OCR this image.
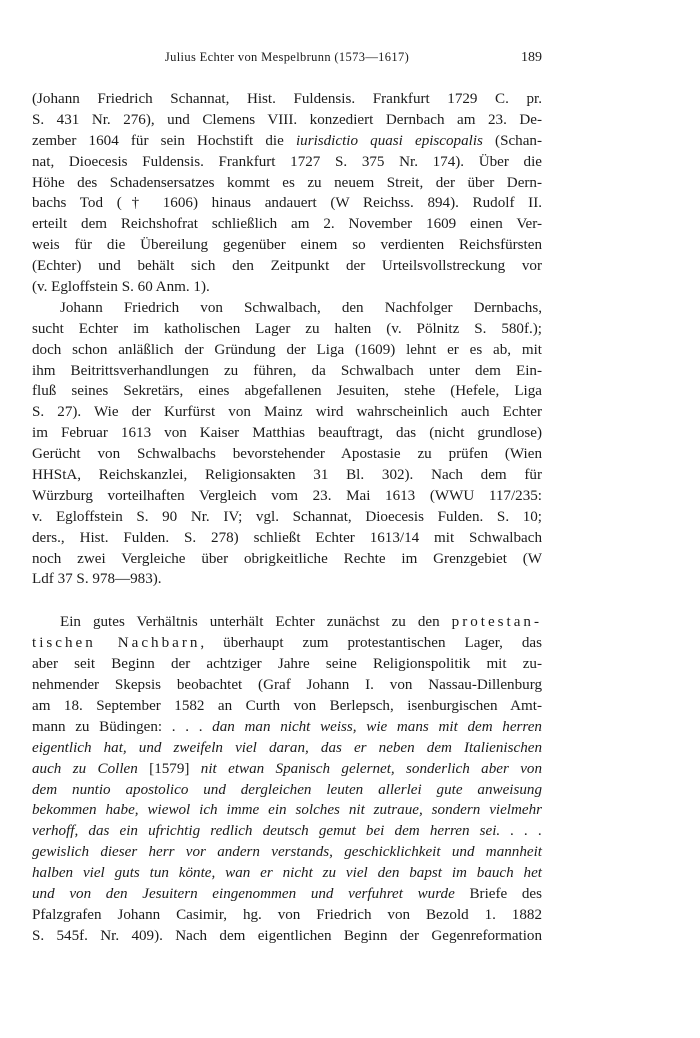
Julius Echter von Mespelbrunn (1573—1617)	189
(Johann Friedrich Schannat, Hist. Fuldensis. Frankfurt 1729 C. pr.
S. 431 Nr. 276), und Clemens VIII. konzediert Dernbach am 23. De-
zember 1604 für sein Hochstift die iurisdictio quasi episcopalis (Schan-
nat, Dioecesis Fuldensis. Frankfurt 1727 S. 375 Nr. 174). Über die
Höhe des Schadensersatzes kommt es zu neuem Streit, der über Dern-
bachs Tod († 1606) hinaus andauert (W Reichss. 894). Rudolf II.
erteilt dem Reichshofrat schließlich am 2. November 1609 einen Ver-
weis für die Übereilung gegenüber einem so verdienten Reichsfürsten
(Echter) und behält sich den Zeitpunkt der Urteilsvollstreckung vor
(v. Egloffstein S. 60 Anm. 1).
Johann Friedrich von Schwalbach, den Nachfolger Dernbachs,
sucht Echter im katholischen Lager zu halten (v. Pölnitz S. 580f.);
doch schon anläßlich der Gründung der Liga (1609) lehnt er es ab, mit
ihm Beitrittsverhandlungen zu führen, da Schwalbach unter dem Ein-
fluß seines Sekretärs, eines abgefallenen Jesuiten, stehe (Hefele, Liga
S. 27). Wie der Kurfürst von Mainz wird wahrscheinlich auch Echter
im Februar 1613 von Kaiser Matthias beauftragt, das (nicht grundlose)
Gerücht von Schwalbachs bevorstehender Apostasie zu prüfen (Wien
HHStA, Reichskanzlei, Religionsakten 31 Bl. 302). Nach dem für
Würzburg vorteilhaften Vergleich vom 23. Mai 1613 (WWU 117/235:
v. Egloffstein S. 90 Nr. IV; vgl. Schannat, Dioecesis Fulden. S. 10;
ders., Hist. Fulden. S. 278) schließt Echter 1613/14 mit Schwalbach
noch zwei Vergleiche über obrigkeitliche Rechte im Grenzgebiet (W
Ldf 37 S. 978—983).
Ein gutes Verhältnis unterhält Echter zunächst zu den protestan-
tischen Nachbarn, überhaupt zum protestantischen Lager, das
aber seit Beginn der achtziger Jahre seine Religionspolitik mit zu-
nehmender Skepsis beobachtet (Graf Johann I. von Nassau-Dillenburg
am 18. September 1582 an Curth von Berlepsch, isenburgischen Amt-
mann zu Büdingen: . . . dan man nicht weiss, wie mans mit dem herren
eigentlich hat, und zweifeln viel daran, das er neben dem Italienischen
auch zu Collen [1579] nit etwan Spanisch gelernet, sonderlich aber von
dem nuntio apostolico und dergleichen leuten allerlei gute anweisung
bekommen habe, wiewol ich imme ein solches nit zutraue, sondern vielmehr
verhoff, das ein ufrichtig redlich deutsch gemut bei dem herren sei. . . .
gewislich dieser herr vor andern verstands, geschicklichkeit und mannheit
halben viel guts tun könte, wan er nicht zu viel den bapst im bauch het
und von den Jesuitern eingenommen und verfuhret wurde Briefe des
Pfalzgrafen Johann Casimir, hg. von Friedrich von Bezold 1. 1882
S. 545f. Nr. 409). Nach dem eigentlichen Beginn der Gegenreformation
